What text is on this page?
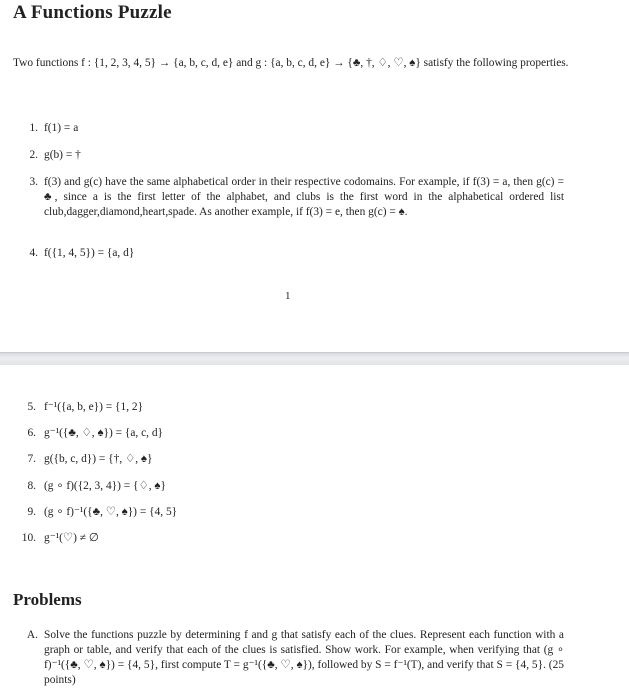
A Functions Puzzle
Two functions f : {1, 2, 3, 4, 5} → {a, b, c, d, e} and g : {a, b, c, d, e} → {♣, †, ♢, ♡, ♠} satisfy the following properties.
1. f(1) = a
2. g(b) = †
3. f(3) and g(c) have the same alphabetical order in their respective codomains. For example, if f(3) = a, then g(c) = ♣, since a is the first letter of the alphabet, and clubs is the first word in the alphabetical ordered list club,dagger,diamond,heart,spade. As another example, if f(3) = e, then g(c) = ♠.
4. f({1, 4, 5}) = {a, d}
1
5. f⁻¹({a, b, e}) = {1, 2}
6. g⁻¹({♣, ♢, ♠}) = {a, c, d}
7. g({b, c, d}) = {†, ♢, ♠}
8. (g ∘ f)({2, 3, 4}) = {♢, ♠}
9. (g ∘ f)⁻¹({♣, ♡, ♠}) = {4, 5}
10. g⁻¹(♡) ≠ ∅
Problems
A. Solve the functions puzzle by determining f and g that satisfy each of the clues. Represent each function with a graph or table, and verify that each of the clues is satisfied. Show work. For example, when verifying that (g ∘ f)⁻¹({♣, ♡, ♠}) = {4, 5}, first compute T = g⁻¹({♣, ♡, ♠}), followed by S = f⁻¹(T), and verify that S = {4, 5}. (25 points)
